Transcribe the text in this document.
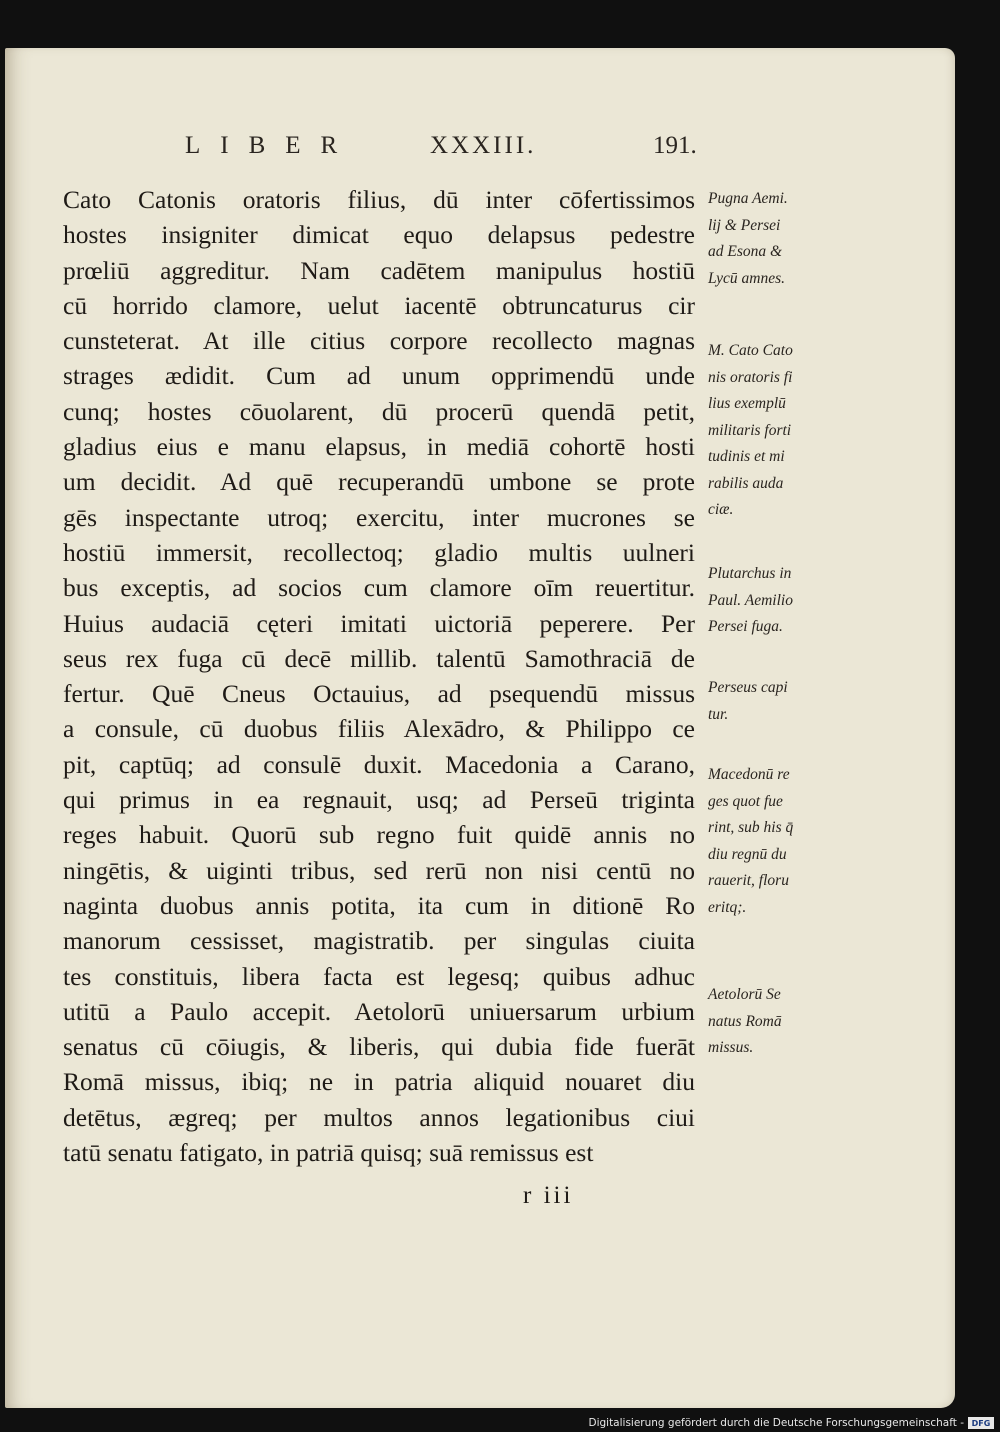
LIBER	XXXIII.	191.
Cato Catonis oratoris filius, dū inter cōfertissimos
hostes insigniter dimicat equo delapsus pedestre
prœliū aggreditur. Nam cadētem manipulus hostiū
cū horrido clamore, uelut iacentē obtruncaturus cir
cunsteterat. At ille citius corpore recollecto magnas
strages ædidit. Cum ad unum opprimendū unde
cunq; hostes cōuolarent, dū procerū quendā petit,
gladius eius e manu elapsus, in mediā cohortē hosti
um decidit. Ad quē recuperandū umbone se prote
gēs inspectante utroq; exercitu, inter mucrones se
hostiū immersit, recollectoq; gladio multis uulneri
bus exceptis, ad socios cum clamore oīm reuertitur.
Huius audaciā cęteri imitati uictoriā peperere. Per
seus rex fuga cū decē millib. talentū Samothraciā de
fertur. Quē Cneus Octauius, ad psequendū missus
a consule, cū duobus filiis Alexādro, & Philippo ce
pit, captūq; ad consulē duxit. Macedonia a Carano,
qui primus in ea regnauit, usq; ad Perseū triginta
reges habuit. Quorū sub regno fuit quidē annis no
ningētis, & uiginti tribus, sed rerū non nisi centū no
naginta duobus annis potita, ita cum in ditionē Ro
manorum cessisset, magistratib. per singulas ciuita
tes constituis, libera facta est legesq; quibus adhuc
utitū a Paulo accepit. Aetolorū uniuersarum urbium
senatus cū cōiugis, & liberis, qui dubia fide fuerāt
Romā missus, ibiq; ne in patria aliquid nouaret diu
detētus, ægreq; per multos annos legationibus ciui
tatū senatu fatigato, in patriā quisq; suā remissus est
Pugna Aemi.
lij & Persei
ad Esona &
Lycū amnes.
M. Cato Cato
nis oratoris fi
lius exemplū
militaris forti
tudinis et mi
rabilis auda
ciæ.
Plutarchus in
Paul. Aemilio
Persei fuga.
Perseus capi
tur.
Macedonū re
ges quot fue
rint, sub his q̄
diu regnū du
rauerit, floru
eritq;.
Aetolorū Se
natus Romā
missus.
r iii
Digitalisierung gefördert durch die Deutsche Forschungsgemeinschaft - DFG
